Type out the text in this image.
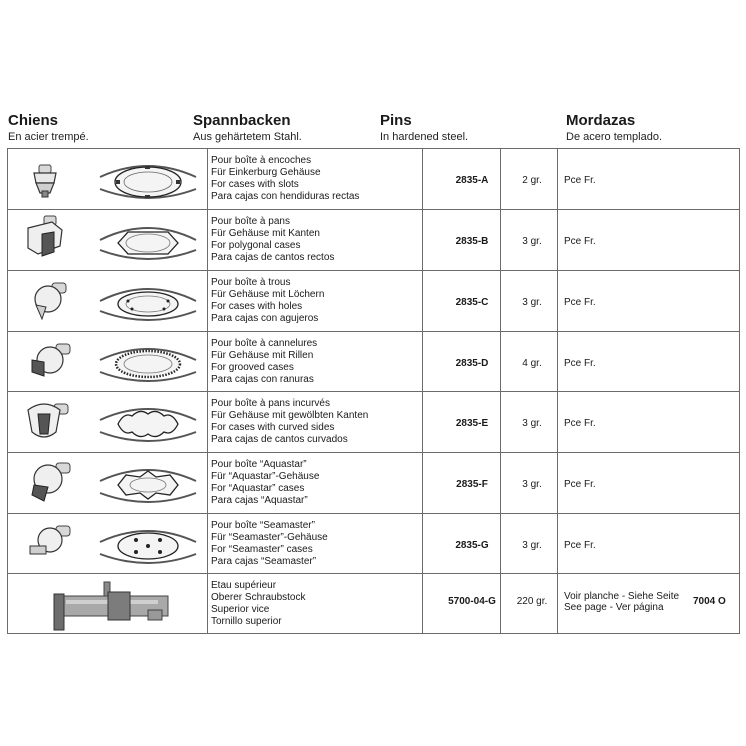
Chiens
En acier trempé.
Spannbacken
Aus gehärtetem Stahl.
Pins
In hardened steel.
Mordazas
De acero templado.
Pour boîte à encoches
Für Einkerburg Gehäuse
For cases with slots
Para cajas con hendiduras rectas
2835-A	2 gr.	Pce Fr.
Pour boîte à pans
Für Gehäuse mit Kanten
For polygonal cases
Para cajas de cantos rectos
2835-B	3 gr.	Pce Fr.
Pour boîte à trous
Für Gehäuse mit Löchern
For cases with holes
Para cajas con agujeros
2835-C	3 gr.	Pce Fr.
Pour boîte à cannelures
Für Gehäuse mit Rillen
For grooved cases
Para cajas con ranuras
2835-D	4 gr.	Pce Fr.
Pour boîte à pans incurvés
Für Gehäuse mit gewölbten Kanten
For cases with curved sides
Para cajas de cantos curvados
2835-E	3 gr.	Pce Fr.
Pour boîte “Aquastar”
Für “Aquastar”-Gehäuse
For “Aquastar” cases
Para cajas “Aquastar”
2835-F	3 gr.	Pce Fr.
Pour boîte “Seamaster”
Für “Seamaster”-Gehäuse
For “Seamaster” cases
Para cajas “Seamaster”
2835-G	3 gr.	Pce Fr.
Etau supérieur
Oberer Schraubstock
Superior vice
Tornillo superior
5700-04-G	220 gr.	Voir planche - Siehe Seite
See page - Ver página
7004 O
